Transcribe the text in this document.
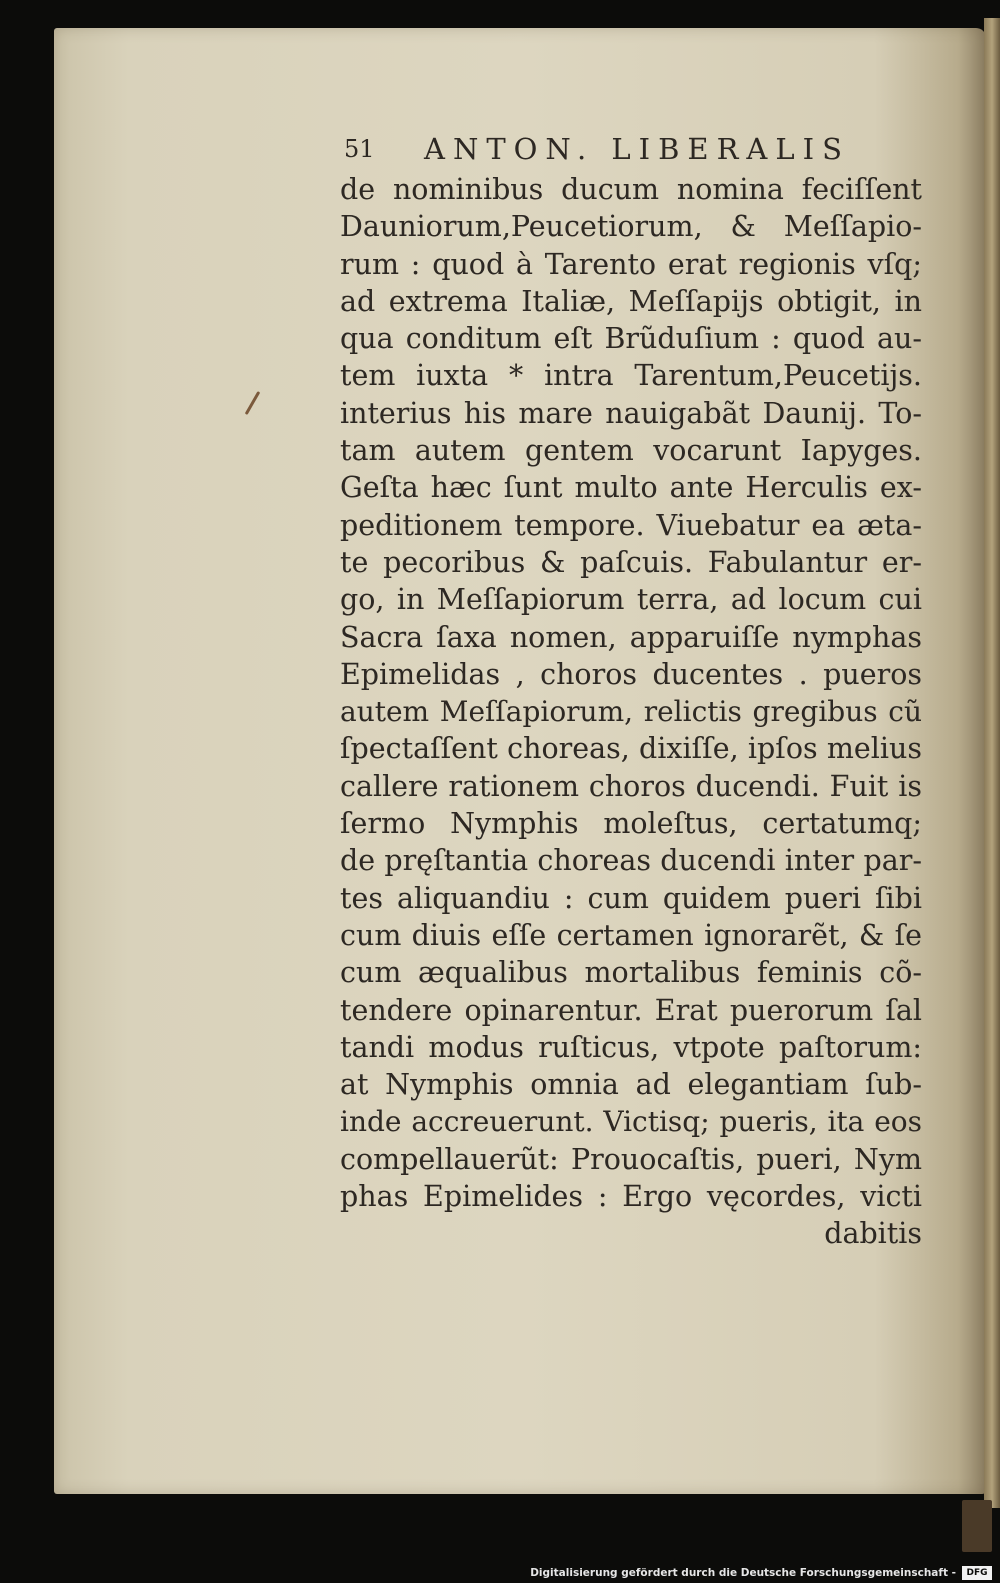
51	ANTON. LIBERALIS
de nominibus ducum nomina feciſſent
Dauniorum,Peucetiorum, & Meſſapio-
rum : quod à Tarento erat regionis vſq;
ad extrema Italiæ, Meſſapijs obtigit, in
qua conditum eſt Brũduſium : quod au-
tem iuxta * intra Tarentum,Peucetijs.
interius his mare nauigabãt Daunij. To-
tam autem gentem vocarunt Iapyges.
Geſta hæc ſunt multo ante Herculis ex-
peditionem tempore. Viuebatur ea æta-
te pecoribus & paſcuis. Fabulantur er-
go, in Meſſapiorum terra, ad locum cui
Sacra ſaxa nomen, apparuiſſe nymphas
Epimelidas , choros ducentes . pueros
autem Meſſapiorum, relictis gregibus cũ
ſpectaſſent choreas, dixiſſe, ipſos melius
callere rationem choros ducendi. Fuit is
ſermo Nymphis moleſtus, certatumq;
de pręſtantia choreas ducendi inter par-
tes aliquandiu : cum quidem pueri ſibi
cum diuis eſſe certamen ignorarẽt, & ſe
cum æqualibus mortalibus feminis cõ-
tendere opinarentur. Erat puerorum ſal
tandi modus ruſticus, vtpote paſtorum:
at Nymphis omnia ad elegantiam ſub-
inde accreuerunt. Victisq; pueris, ita eos
compellauerũt: Prouocaſtis, pueri, Nym
phas Epimelides : Ergo vęcordes, victi
dabitis
Digitalisierung gefördert durch die Deutsche Forschungsgemeinschaft -	DFG
